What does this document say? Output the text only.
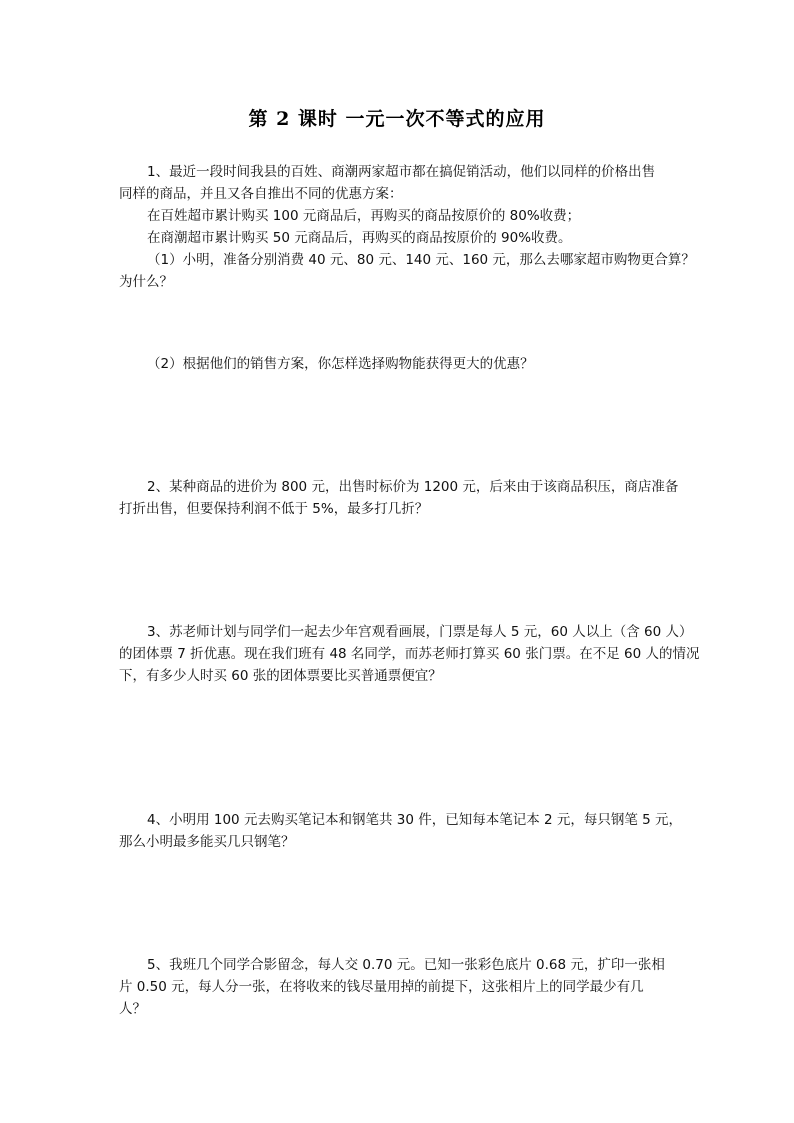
第 2 课时 一元一次不等式的应用
1、最近一段时间我县的百姓、商潮两家超市都在搞促销活动，他们以同样的价格出售
同样的商品，并且又各自推出不同的优惠方案：
在百姓超市累计购买 100 元商品后，再购买的商品按原价的 80%收费；
在商潮超市累计购买 50 元商品后，再购买的商品按原价的 90%收费。
（1）小明，准备分别消费 40 元、80 元、140 元、160 元，那么去哪家超市购物更合算？
为什么？
（2）根据他们的销售方案，你怎样选择购物能获得更大的优惠？
2、某种商品的进价为 800 元，出售时标价为 1200 元，后来由于该商品积压，商店准备
打折出售，但要保持利润不低于 5%，最多打几折？
3、苏老师计划与同学们一起去少年宫观看画展，门票是每人 5 元，60 人以上（含 60 人）
的团体票 7 折优惠。现在我们班有 48 名同学，而苏老师打算买 60 张门票。在不足 60 人的情况
下，有多少人时买 60 张的团体票要比买普通票便宜？
4、小明用 100 元去购买笔记本和钢笔共 30 件，已知每本笔记本 2 元，每只钢笔 5 元，
那么小明最多能买几只钢笔？
5、我班几个同学合影留念，每人交 0.70 元。已知一张彩色底片 0.68 元，扩印一张相
片 0.50 元，每人分一张，在将收来的钱尽量用掉的前提下，这张相片上的同学最少有几
人？
